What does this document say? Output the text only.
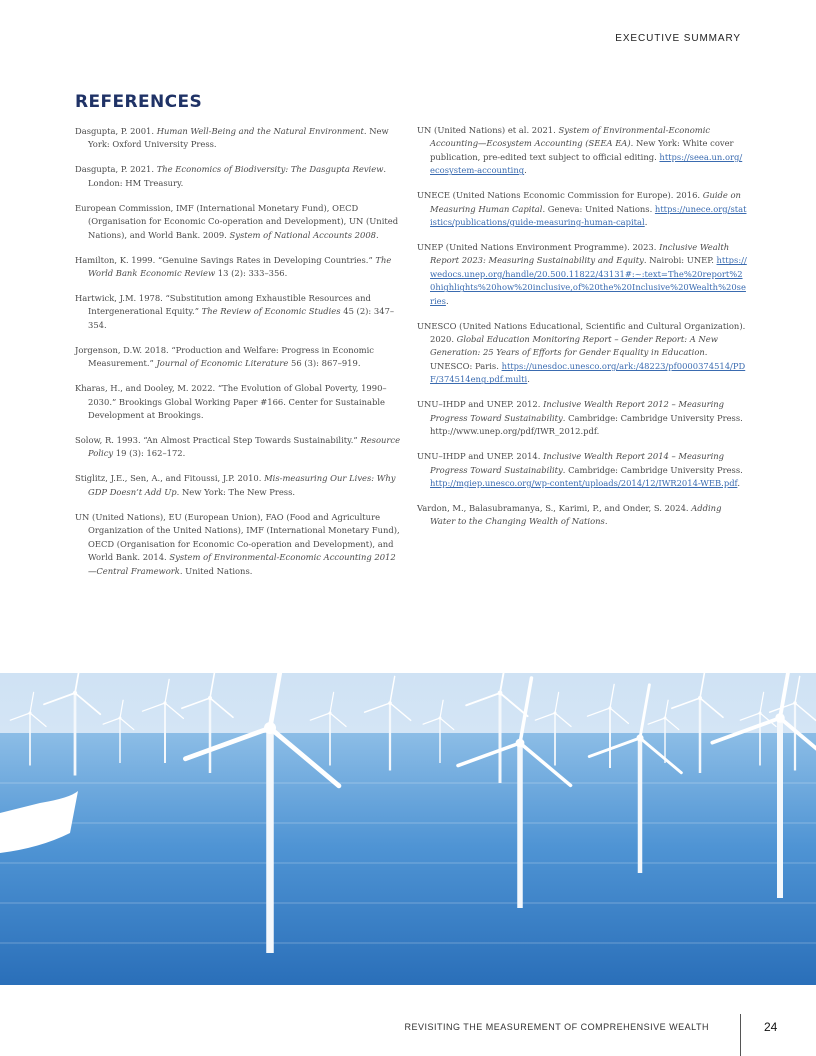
EXECUTIVE SUMMARY
REFERENCES

Dasgupta, P. 2001. Human Well-Being and the Natural Environment. New York: Oxford University Press.

Dasgupta, P. 2021. The Economics of Biodiversity: The Dasgupta Review. London: HM Treasury.

European Commission, IMF (International Monetary Fund), OECD (Organisation for Economic Co-operation and Development), UN (United Nations), and World Bank. 2009. System of National Accounts 2008.

Hamilton, K. 1999. “Genuine Savings Rates in Developing Countries.” The World Bank Economic Review 13 (2): 333–356.

Hartwick, J.M. 1978. “Substitution among Exhaustible Resources and Intergenerational Equity.” The Review of Economic Studies 45 (2): 347–354.

Jorgenson, D.W. 2018. “Production and Welfare: Progress in Economic Measurement.” Journal of Economic Literature 56 (3): 867–919.

Kharas, H., and Dooley, M. 2022. “The Evolution of Global Poverty, 1990–2030.” Brookings Global Working Paper #166. Center for Sustainable Development at Brookings.

Solow, R. 1993. “An Almost Practical Step Towards Sustainability.” Resource Policy 19 (3): 162–172.

Stiglitz, J.E., Sen, A., and Fitoussi, J.P. 2010. Mis-measuring Our Lives: Why GDP Doesn’t Add Up. New York: The New Press.

UN (United Nations), EU (European Union), FAO (Food and Agriculture Organization of the United Nations), IMF (International Monetary Fund), OECD (Organisation for Economic Co-operation and Development), and World Bank. 2014. System of Environmental-Economic Accounting 2012—Central Framework. United Nations.

UN (United Nations) et al. 2021. System of Environmental-Economic Accounting—Ecosystem Accounting (SEEA EA). New York: White cover publication, pre-edited text subject to official editing. https://seea.un.org/ecosystem-accounting.

UNECE (United Nations Economic Commission for Europe). 2016. Guide on Measuring Human Capital. Geneva: United Nations. https://unece.org/statistics/publications/guide-measuring-human-capital.

UNEP (United Nations Environment Programme). 2023. Inclusive Wealth Report 2023: Measuring Sustainability and Equity. Nairobi: UNEP. https://wedocs.unep.org/handle/20.500.11822/43131#:~:text=The%20report%20highlights%20how%20inclusive,of%20the%20Inclusive%20Wealth%20series.

UNESCO (United Nations Educational, Scientific and Cultural Organization). 2020. Global Education Monitoring Report – Gender Report: A New Generation: 25 Years of Efforts for Gender Equality in Education. UNESCO: Paris. https://unesdoc.unesco.org/ark:/48223/pf0000374514/PDF/374514eng.pdf.multi.

UNU–IHDP and UNEP. 2012. Inclusive Wealth Report 2012 – Measuring Progress Toward Sustainability. Cambridge: Cambridge University Press. http://www.unep.org/pdf/IWR_2012.pdf.

UNU–IHDP and UNEP. 2014. Inclusive Wealth Report 2014 – Measuring Progress Toward Sustainability. Cambridge: Cambridge University Press. http://mgiep.unesco.org/wp-content/uploads/2014/12/IWR2014-WEB.pdf.

Vardon, M., Balasubramanya, S., Karimi, P., and Onder, S. 2024. Adding Water to the Changing Wealth of Nations.

REVISITING THE MEASUREMENT OF COMPREHENSIVE WEALTH	24
